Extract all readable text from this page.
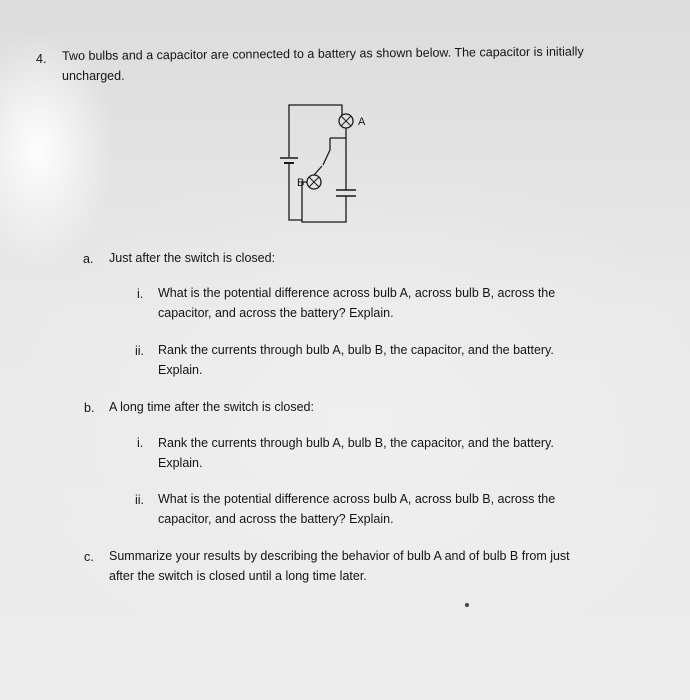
4. Two bulbs and a capacitor are connected to a battery as shown below. The capacitor is initially
uncharged.
A
B
a. Just after the switch is closed:
i. What is the potential difference across bulb A, across bulb B, across the
capacitor, and across the battery? Explain.
ii. Rank the currents through bulb A, bulb B, the capacitor, and the battery.
Explain.
b. A long time after the switch is closed:
i. Rank the currents through bulb A, bulb B, the capacitor, and the battery.
Explain.
ii. What is the potential difference across bulb A, across bulb B, across the
capacitor, and across the battery? Explain.
c. Summarize your results by describing the behavior of bulb A and of bulb B from just
after the switch is closed until a long time later.
